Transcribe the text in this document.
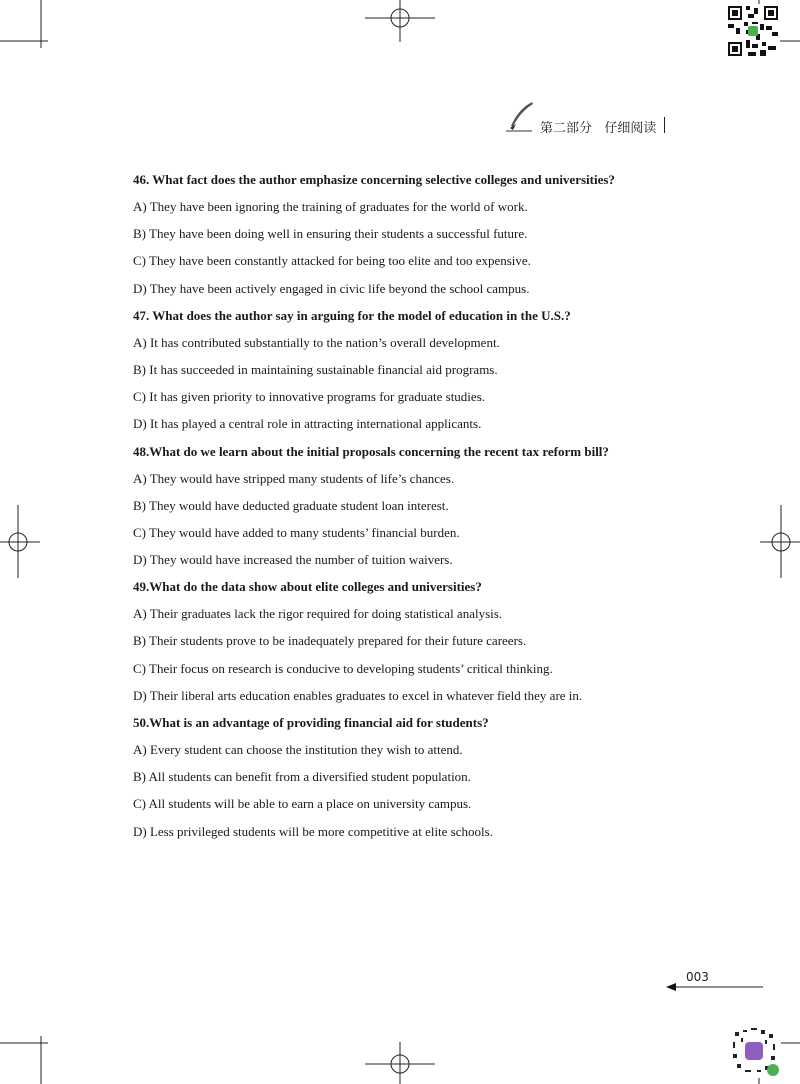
第二部分 仔细阅读
46. What fact does the author emphasize concerning selective colleges and universities?
A) They have been ignoring the training of graduates for the world of work.
B) They have been doing well in ensuring their students a successful future.
C) They have been constantly attacked for being too elite and too expensive.
D) They have been actively engaged in civic life beyond the school campus.
47. What does the author say in arguing for the model of education in the U.S.?
A) It has contributed substantially to the nation’s overall development.
B) It has succeeded in maintaining sustainable financial aid programs.
C) It has given priority to innovative programs for graduate studies.
D) It has played a central role in attracting international applicants.
48.What do we learn about the initial proposals concerning the recent tax reform bill?
A) They would have stripped many students of life’s chances.
B) They would have deducted graduate student loan interest.
C) They would have added to many students’ financial burden.
D) They would have increased the number of tuition waivers.
49.What do the data show about elite colleges and universities?
A) Their graduates lack the rigor required for doing statistical analysis.
B) Their students prove to be inadequately prepared for their future careers.
C) Their focus on research is conducive to developing students’ critical thinking.
D) Their liberal arts education enables graduates to excel in whatever field they are in.
50.What is an advantage of providing financial aid for students?
A) Every student can choose the institution they wish to attend.
B) All students can benefit from a diversified student population.
C) All students will be able to earn a place on university campus.
D) Less privileged students will be more competitive at elite schools.
003
